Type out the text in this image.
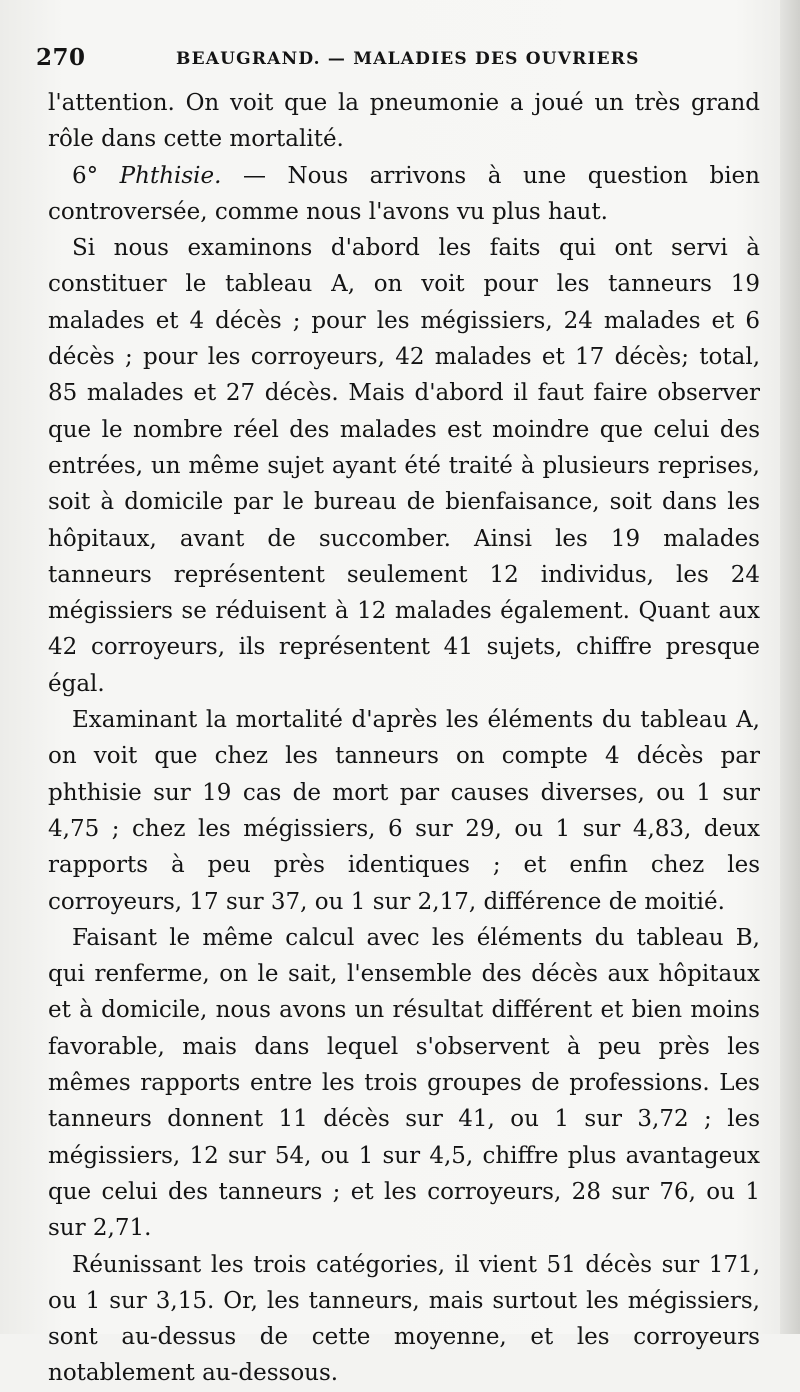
270	BEAUGRAND. — MALADIES DES OUVRIERS

l'attention. On voit que la pneumonie a joué un très grand rôle dans cette mortalité.

6° Phthisie. — Nous arrivons à une question bien controversée, comme nous l'avons vu plus haut.

Si nous examinons d'abord les faits qui ont servi à constituer le tableau A, on voit pour les tanneurs 19 malades et 4 décès ; pour les mégissiers, 24 malades et 6 décès ; pour les corroyeurs, 42 malades et 17 décès; total, 85 malades et 27 décès. Mais d'abord il faut faire observer que le nombre réel des malades est moindre que celui des entrées, un même sujet ayant été traité à plusieurs reprises, soit à domicile par le bureau de bienfaisance, soit dans les hôpitaux, avant de succomber. Ainsi les 19 malades tanneurs représentent seulement 12 individus, les 24 mégissiers se réduisent à 12 malades également. Quant aux 42 corroyeurs, ils représentent 41 sujets, chiffre presque égal.

Examinant la mortalité d'après les éléments du tableau A, on voit que chez les tanneurs on compte 4 décès par phthisie sur 19 cas de mort par causes diverses, ou 1 sur 4,75 ; chez les mégissiers, 6 sur 29, ou 1 sur 4,83, deux rapports à peu près identiques ; et enfin chez les corroyeurs, 17 sur 37, ou 1 sur 2,17, différence de moitié.

Faisant le même calcul avec les éléments du tableau B, qui renferme, on le sait, l'ensemble des décès aux hôpitaux et à domicile, nous avons un résultat différent et bien moins favorable, mais dans lequel s'observent à peu près les mêmes rapports entre les trois groupes de professions. Les tanneurs donnent 11 décès sur 41, ou 1 sur 3,72 ; les mégissiers, 12 sur 54, ou 1 sur 4,5, chiffre plus avantageux que celui des tanneurs ; et les corroyeurs, 28 sur 76, ou 1 sur 2,71.

Réunissant les trois catégories, il vient 51 décès sur 171, ou 1 sur 3,15. Or, les tanneurs, mais surtout les mégissiers, sont au-dessus de cette moyenne, et les corroyeurs notablement au-dessous.
